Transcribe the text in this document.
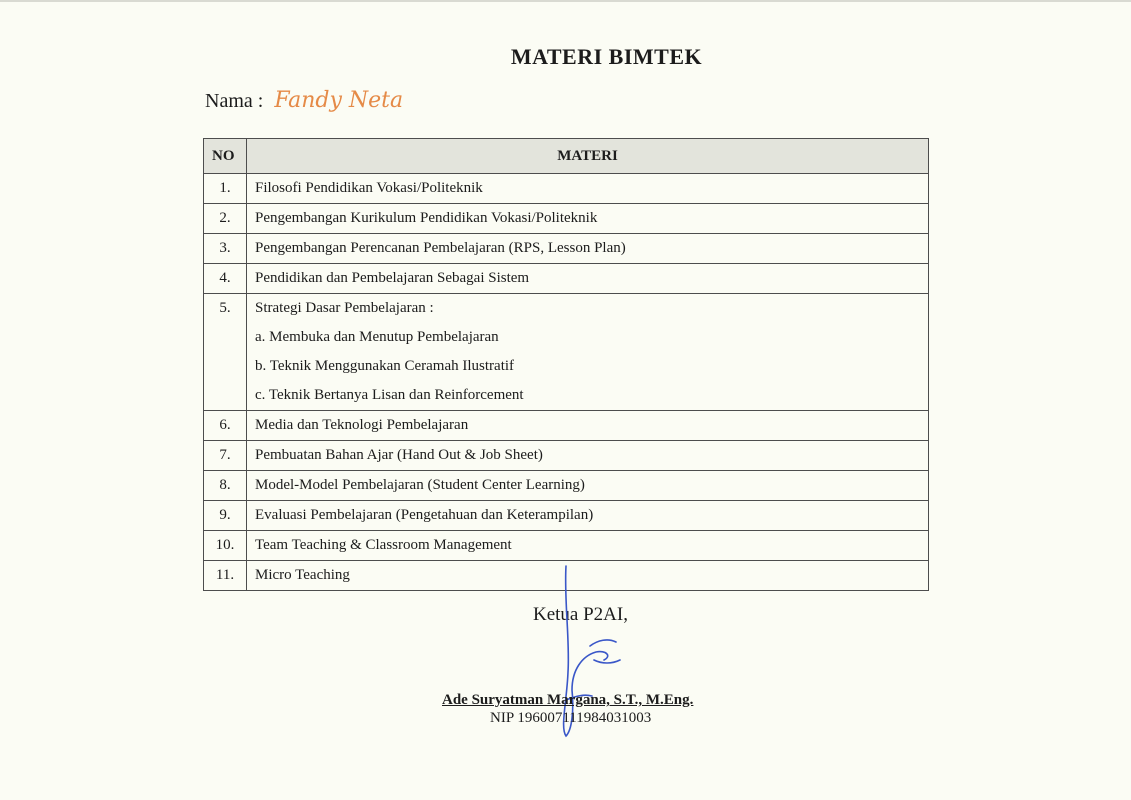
MATERI BIMTEK
Nama : Fandy Neta
NO	MATERI
1.	Filosofi Pendidikan Vokasi/Politeknik
2.	Pengembangan Kurikulum Pendidikan Vokasi/Politeknik
3.	Pengembangan Perencanan Pembelajaran (RPS, Lesson Plan)
4.	Pendidikan dan Pembelajaran Sebagai Sistem
5.	Strategi Dasar Pembelajaran :
a. Membuka dan Menutup Pembelajaran
b. Teknik Menggunakan Ceramah Ilustratif
c. Teknik Bertanya Lisan dan Reinforcement

6.	Media dan Teknologi Pembelajaran
7.	Pembuatan Bahan Ajar (Hand Out & Job Sheet)
8.	Model-Model Pembelajaran (Student Center Learning)
9.	Evaluasi Pembelajaran (Pengetahuan dan Keterampilan)
10.	Team Teaching & Classroom Management
11.	Micro Teaching
Ketua P2AI,
Ade Suryatman Margana, S.T., M.Eng.
NIP 196007111984031003
